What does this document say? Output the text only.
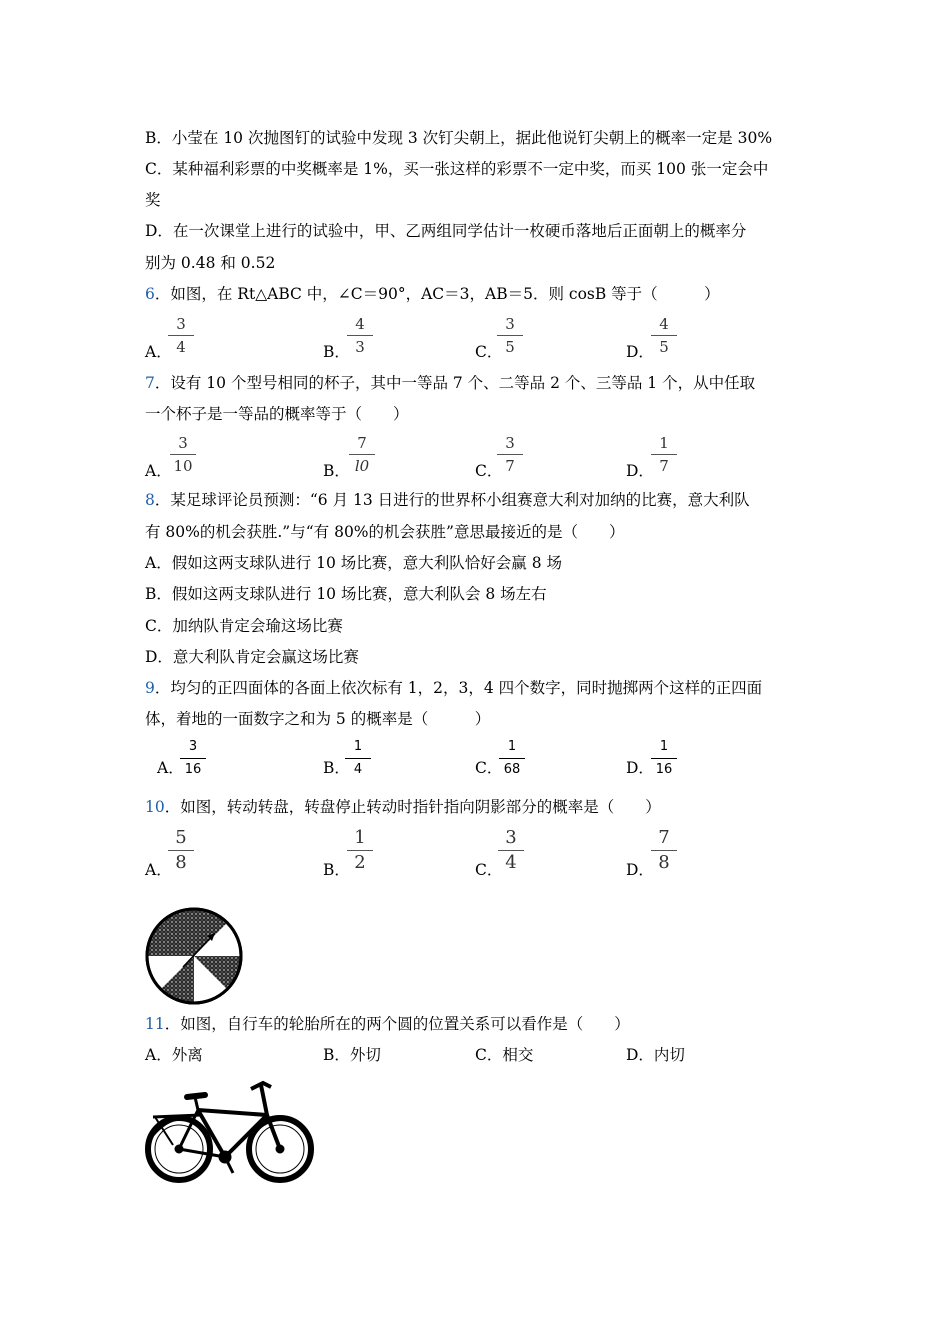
B．小莹在 10 次抛图钉的试验中发现 3 次钉尖朝上，据此他说钉尖朝上的概率一定是 30%
C．某种福利彩票的中奖概率是 1%，买一张这样的彩票不一定中奖，而买 100 张一定会中
奖
D．在一次课堂上进行的试验中，甲、乙两组同学估计一枚硬币落地后正面朝上的概率分
别为 0.48 和 0.52
6．如图，在 Rt△ABC 中，∠C＝90°，AC＝3，AB＝5．则 cosB 等于（　　　）
A．
$\frac{3}{4}$	B．
$\frac{4}{3}$	C．
$\frac{3}{5}$	D．
$\frac{4}{5}$
7．设有 10 个型号相同的杯子，其中一等品 7 个、二等品 2 个、三等品 1 个，从中任取
一个杯子是一等品的概率等于（　　）
A．
$\frac{3}{10}$	B． $\frac{7}{l0}$	C．
$\frac{3}{7}$	D．
$\frac{1}{7}$
8．某足球评论员预测：“6 月 13 日进行的世界杯小组赛意大利对加纳的比赛，意大利队
有 80%的机会获胜.”与“有 80%的机会获胜”意思最接近的是（　　）
A．假如这两支球队进行 10 场比赛，意大利队恰好会赢 8 场
B．假如这两支球队进行 10 场比赛，意大利队会 8 场左右
C．加纳队肯定会瑜这场比赛
D．意大利队肯定会赢这场比赛
9．均匀的正四面体的各面上依次标有 1，2，3，4 四个数字，同时抛掷两个这样的正四面
体，着地的一面数字之和为 5 的概率是（　　　）
A．
$\frac{3}{16}$	B．
$\frac{1}{4}$	C．
$\frac{1}{68}$	D．
$\frac{1}{16}$
10．如图，转动转盘，转盘停止转动时指针指向阴影部分的概率是（　　）
A．
$\frac{5}{8}$	B．
$\frac{1}{2}$	C．
$\frac{3}{4}$	D．
$\frac{7}{8}$
11．如图，自行车的轮胎所在的两个圆的位置关系可以看作是（　　）
A．外离	B．外切	C．相交	D．内切
